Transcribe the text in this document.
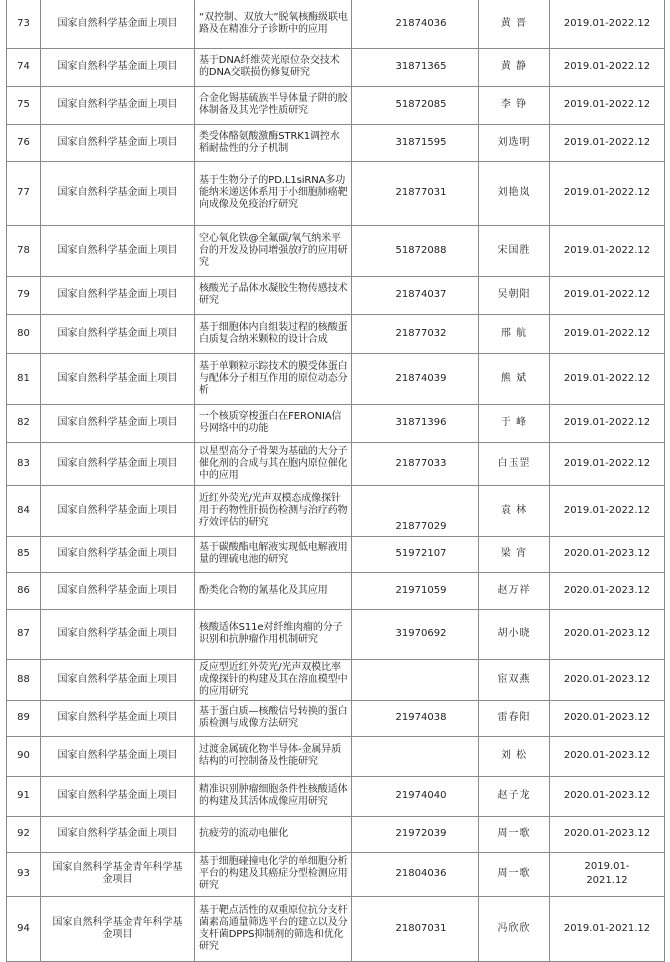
73	国家自然科学基金面上项目	“双控制、双放大”脱氧核酶级联电路及在精准分子诊断中的应用	21874036	黄 晋	2019.01-2022.12
74	国家自然科学基金面上项目	基于DNA纤维荧光原位杂交技术的DNA交联损伤修复研究	31871365	黄 静	2019.01-2022.12
75	国家自然科学基金面上项目	合金化锡基硫族半导体量子阱的胶体制备及其光学性质研究	51872085	李 铮	2019.01-2022.12
76	国家自然科学基金面上项目	类受体酪氨酸激酶STRK1调控水稻耐盐性的分子机制	31871595	刘选明	2019.01-2022.12
77	国家自然科学基金面上项目	基于生物分子的PD.L1siRNA多功能纳米递送体系用于小细胞肺癌靶向成像及免疫治疗研究	21877031	刘艳岚	2019.01-2022.12
78	国家自然科学基金面上项目	空心氧化铁@全氟碳/氧气纳米平台的开发及协同增强放疗的应用研究	51872088	宋国胜	2019.01-2022.12
79	国家自然科学基金面上项目	核酸光子晶体水凝胶生物传感技术研究	21874037	吴朝阳	2019.01-2022.12
80	国家自然科学基金面上项目	基于细胞体内自组装过程的核酸蛋白质复合纳米颗粒的设计合成	21877032	邢 航	2019.01-2022.12
81	国家自然科学基金面上项目	基于单颗粒示踪技术的膜受体蛋白与配体分子相互作用的原位动态分析	21874039	熊 斌	2019.01-2022.12
82	国家自然科学基金面上项目	一个核质穿梭蛋白在FERONIA信号网络中的功能	31871396	于 峰	2019.01-2022.12
83	国家自然科学基金面上项目	以星型高分子骨架为基础的大分子催化剂的合成与其在胞内原位催化中的应用	21877033	白玉罡	2019.01-2022.12
84	国家自然科学基金面上项目	近红外荧光/光声双模态成像探针用于药物性肝损伤检测与治疗药物疗效评估的研究	21877029	袁 林	2019.01-2022.12
85	国家自然科学基金面上项目	基于碳酸酯电解液实现低电解液用量的锂硫电池的研究	51972107	梁 宵	2020.01-2023.12
86	国家自然科学基金面上项目	酚类化合物的氰基化及其应用	21971059	赵万祥	2020.01-2023.12
87	国家自然科学基金面上项目	核酸适体S11e对纤维肉瘤的分子识别和抗肿瘤作用机制研究	31970692	胡小晓	2020.01-2023.12
88	国家自然科学基金面上项目	反应型近红外荧光/光声双模比率成像探针的构建及其在溶血模型中的应用研究		宦双燕	2020.01-2023.12
89	国家自然科学基金面上项目	基于蛋白质—核酸信号转换的蛋白质检测与成像方法研究	21974038	雷春阳	2020.01-2023.12
90	国家自然科学基金面上项目	过渡金属硫化物半导体-金属异质结构的可控制备及性能研究		刘 松	2020.01-2023.12
91	国家自然科学基金面上项目	精准识别肿瘤细胞条件性核酸适体的构建及其活体成像应用研究	21974040	赵子龙	2020.01-2023.12
92	国家自然科学基金面上项目	抗疲劳的流动电催化	21972039	周一歌	2020.01-2023.12
93	国家自然科学基金青年科学基金项目	基于细胞碰撞电化学的单细胞分析平台的构建及其癌症分型检测应用研究	21804036	周一歌	2019.01-2021.12
94	国家自然科学基金青年科学基金项目	基于靶点活性的双重原位抗分支杆菌素高通量筛选平台的建立以及分支杆菌DPPS抑制剂的筛选和优化研究	21807031	冯欣欣	2019.01-2021.12
